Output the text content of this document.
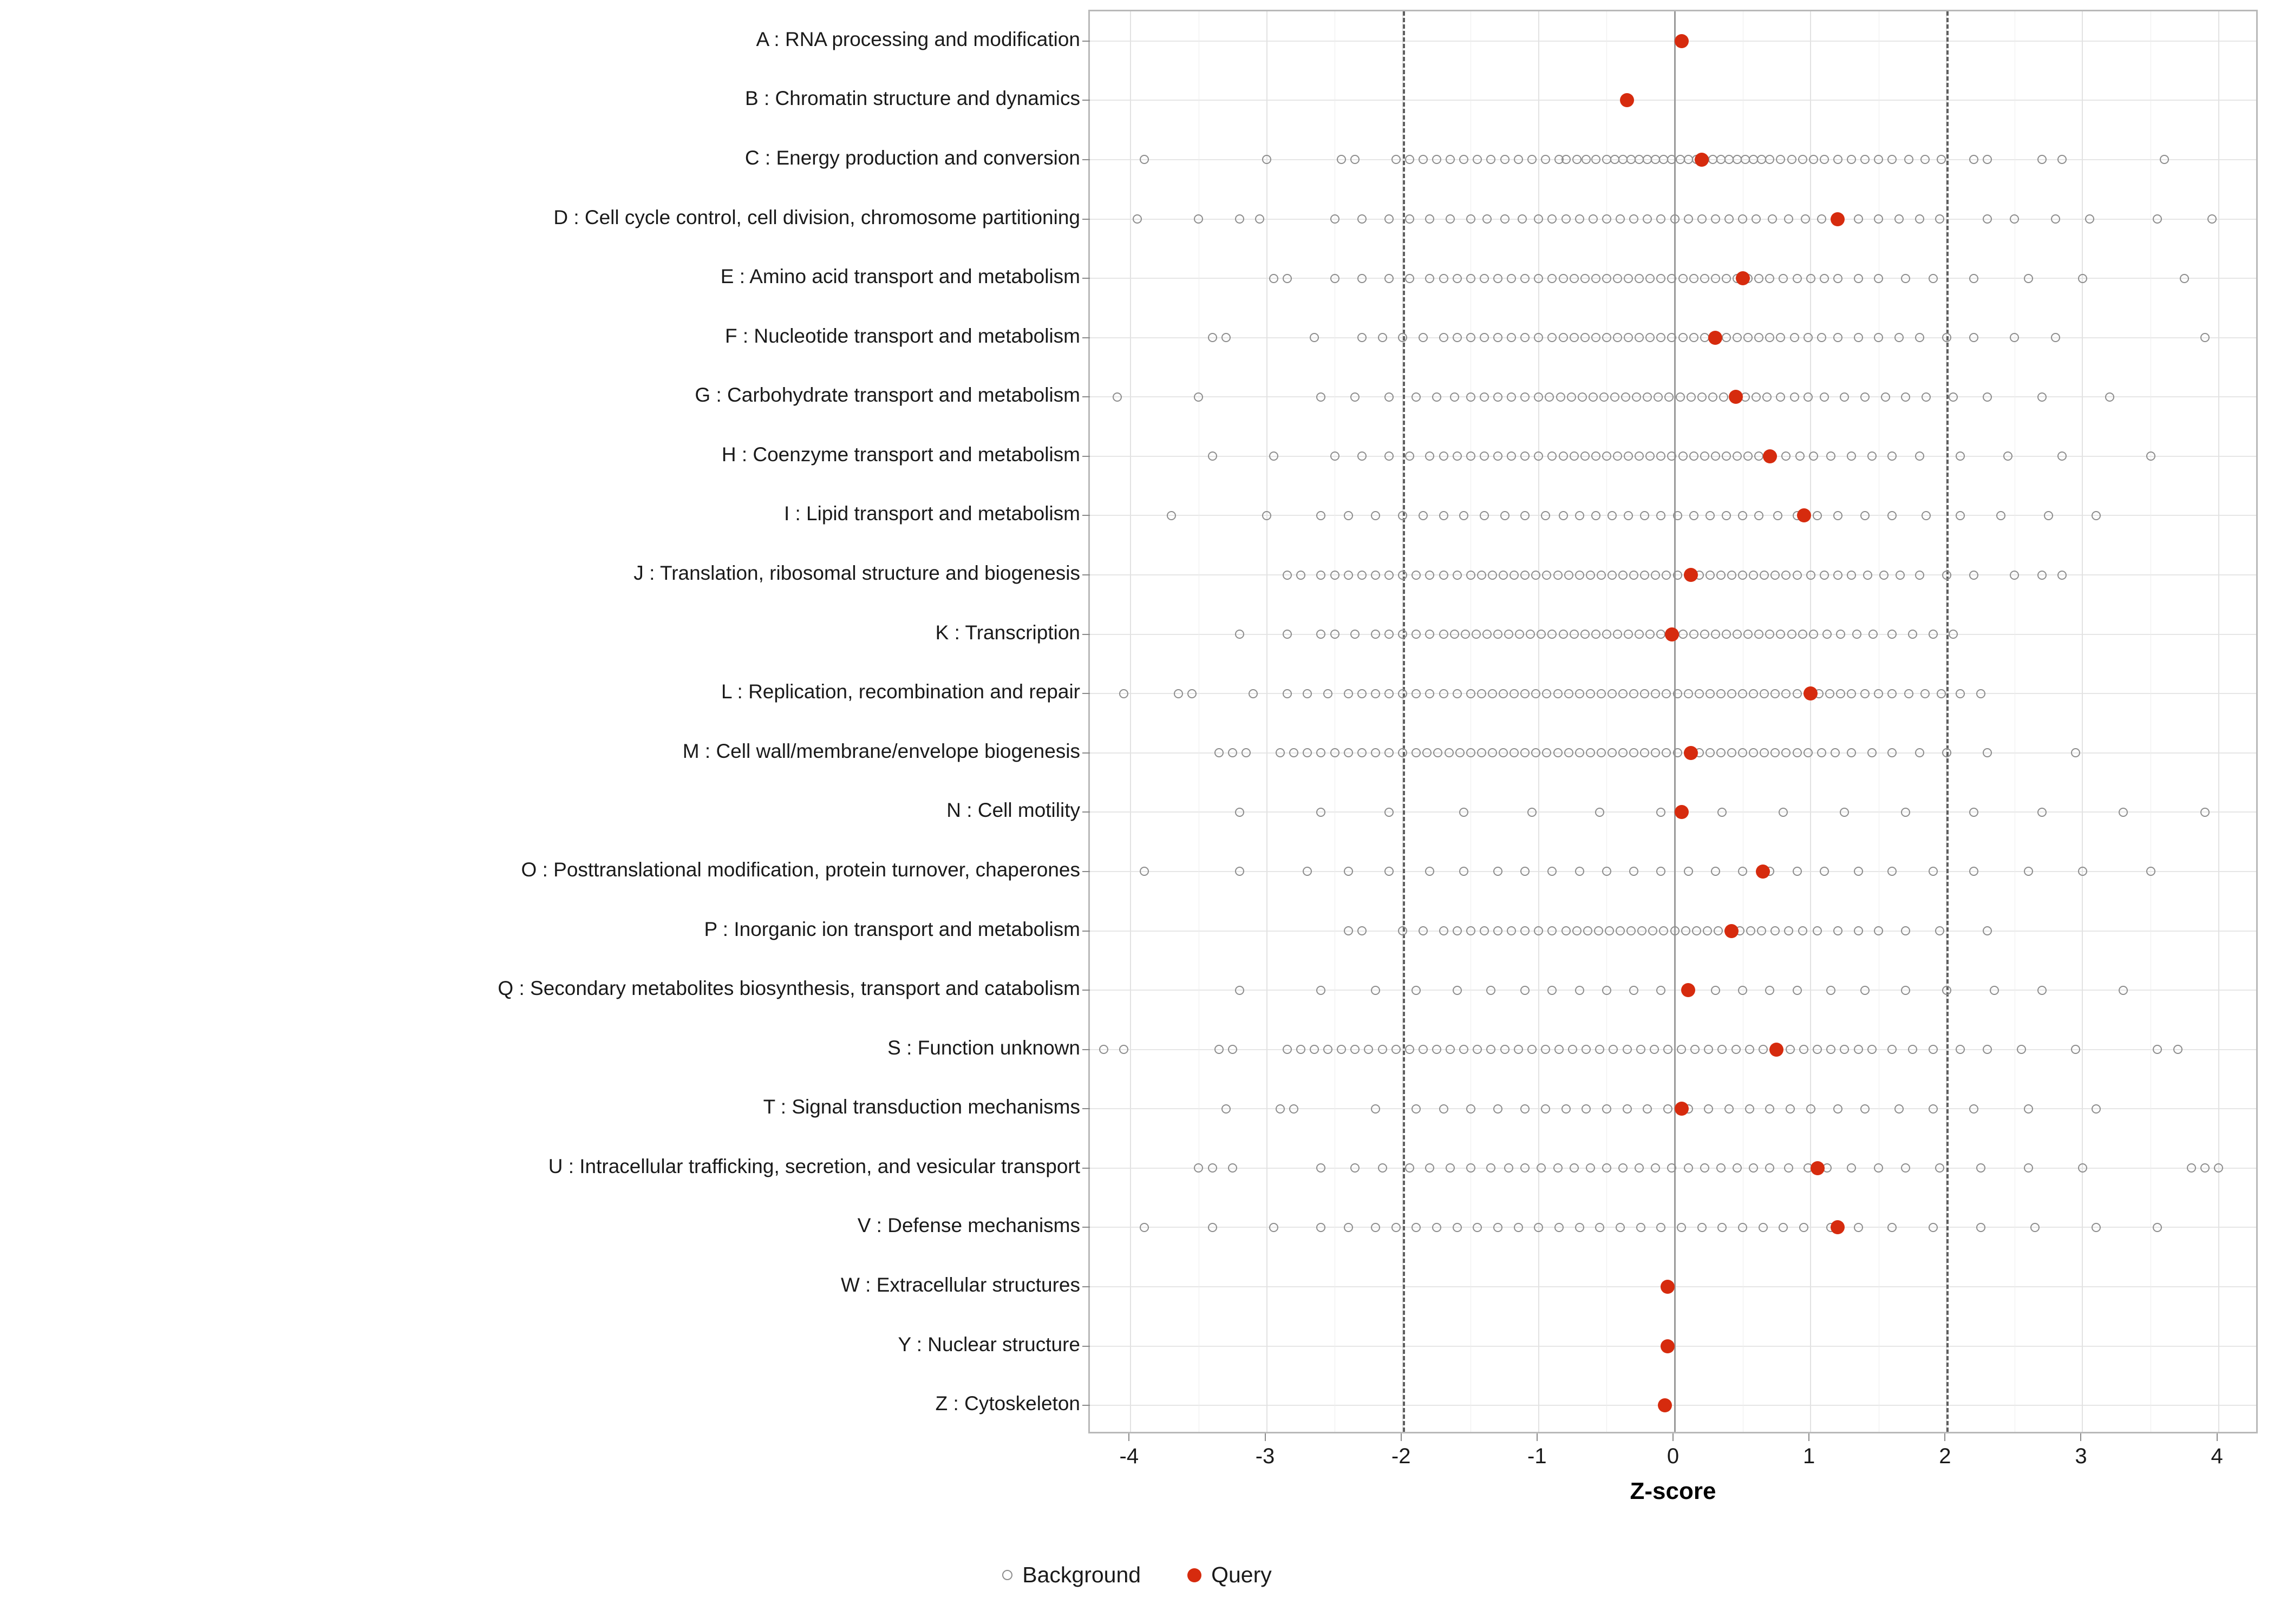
A : RNA processing and modification
B : Chromatin structure and dynamics
C : Energy production and conversion
D : Cell cycle control, cell division, chromosome partitioning
E : Amino acid transport and metabolism
F : Nucleotide transport and metabolism
G : Carbohydrate transport and metabolism
H : Coenzyme transport and metabolism
I : Lipid transport and metabolism
J : Translation, ribosomal structure and biogenesis
K : Transcription
L : Replication, recombination and repair
M : Cell wall/membrane/envelope biogenesis
N : Cell motility
O : Posttranslational modification, protein turnover, chaperones
P : Inorganic ion transport and metabolism
Q : Secondary metabolites biosynthesis, transport and catabolism
S : Function unknown
T : Signal transduction mechanisms
U : Intracellular trafficking, secretion, and vesicular transport
V : Defense mechanisms
W : Extracellular structures
Y : Nuclear structure
Z : Cytoskeleton
-4	-3	-2	-1	0	1	2	3	4
Z-score
Background	Query
